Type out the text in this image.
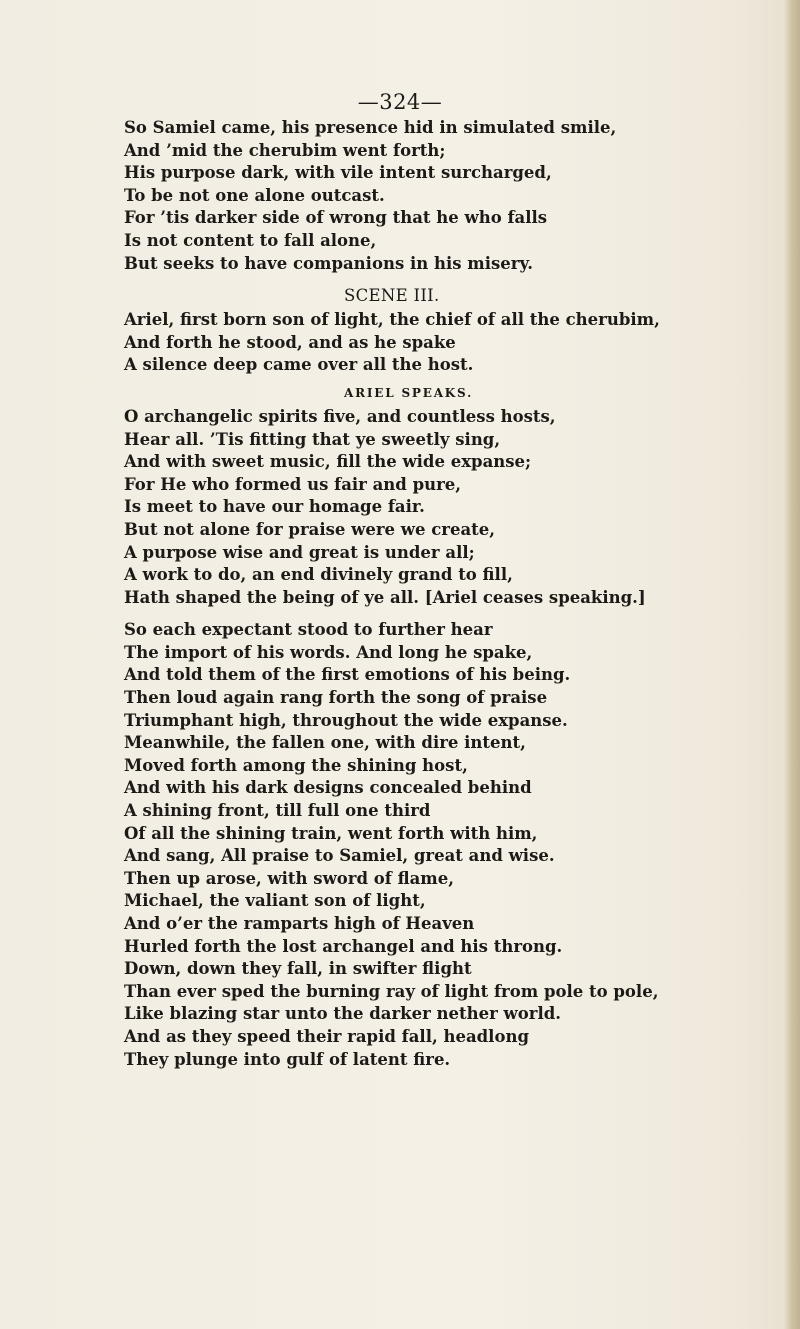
—324—
So Samiel came, his presence hid in simulated smile,
And ’mid the cherubim went forth;
His purpose dark, with vile intent surcharged,
To be not one alone outcast.
For ’tis darker side of wrong that he who falls
Is not content to fall alone,
But seeks to have companions in his misery.
SCENE III.
Ariel, first born son of light, the chief of all the cherubim,
And forth he stood, and as he spake
A silence deep came over all the host.
ARIEL SPEAKS.
O archangelic spirits five, and countless hosts,
Hear all. ’Tis fitting that ye sweetly sing,
And with sweet music, fill the wide expanse;
For He who formed us fair and pure,
Is meet to have our homage fair.
But not alone for praise were we create,
A purpose wise and great is under all;
A work to do, an end divinely grand to fill,
Hath shaped the being of ye all. [Ariel ceases speaking.]
So each expectant stood to further hear
The import of his words. And long he spake,
And told them of the first emotions of his being.
Then loud again rang forth the song of praise
Triumphant high, throughout the wide expanse.
Meanwhile, the fallen one, with dire intent,
Moved forth among the shining host,
And with his dark designs concealed behind
A shining front, till full one third
Of all the shining train, went forth with him,
And sang, All praise to Samiel, great and wise.
Then up arose, with sword of flame,
Michael, the valiant son of light,
And o’er the ramparts high of Heaven
Hurled forth the lost archangel and his throng.
Down, down they fall, in swifter flight
Than ever sped the burning ray of light from pole to pole,
Like blazing star unto the darker nether world.
And as they speed their rapid fall, headlong
They plunge into gulf of latent fire.
